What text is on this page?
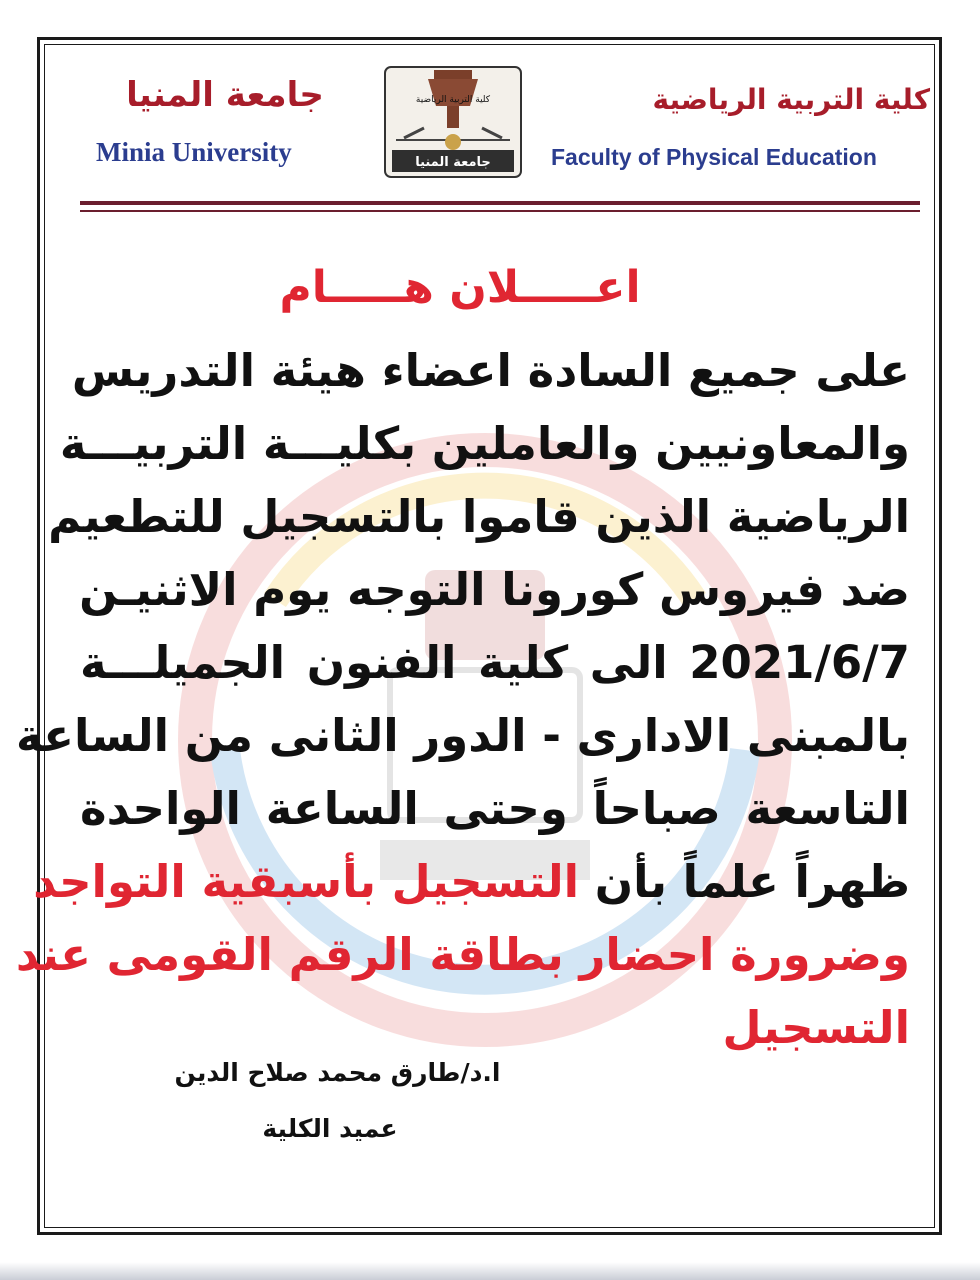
جامعة المنيا
Minia University
كلية التربية الرياضية
جامعة المنيا
كلية التربية الرياضية
Faculty of Physical Education
اعـــــلان هـــــام
على جميع السادة اعضاء هيئة التدريس
والمعاونيين والعاملين بكليـــة التربيـــة
الرياضية الذين قاموا بالتسجيل للتطعيم
ضد فيروس كورونا التوجه يوم الاثنيـن
2021/6/7 الى كلية الفنون الجميلـــة
بالمبنى الادارى - الدور الثانى من الساعة
التاسعة صباحاً وحتى الساعة الواحدة
ظهراً علماً بأن التسجيل بأسبقية التواجد
وضرورة احضار بطاقة الرقم القومى عند
التسجيل
ا.د/طارق محمد صلاح الدين
عميد الكلية
